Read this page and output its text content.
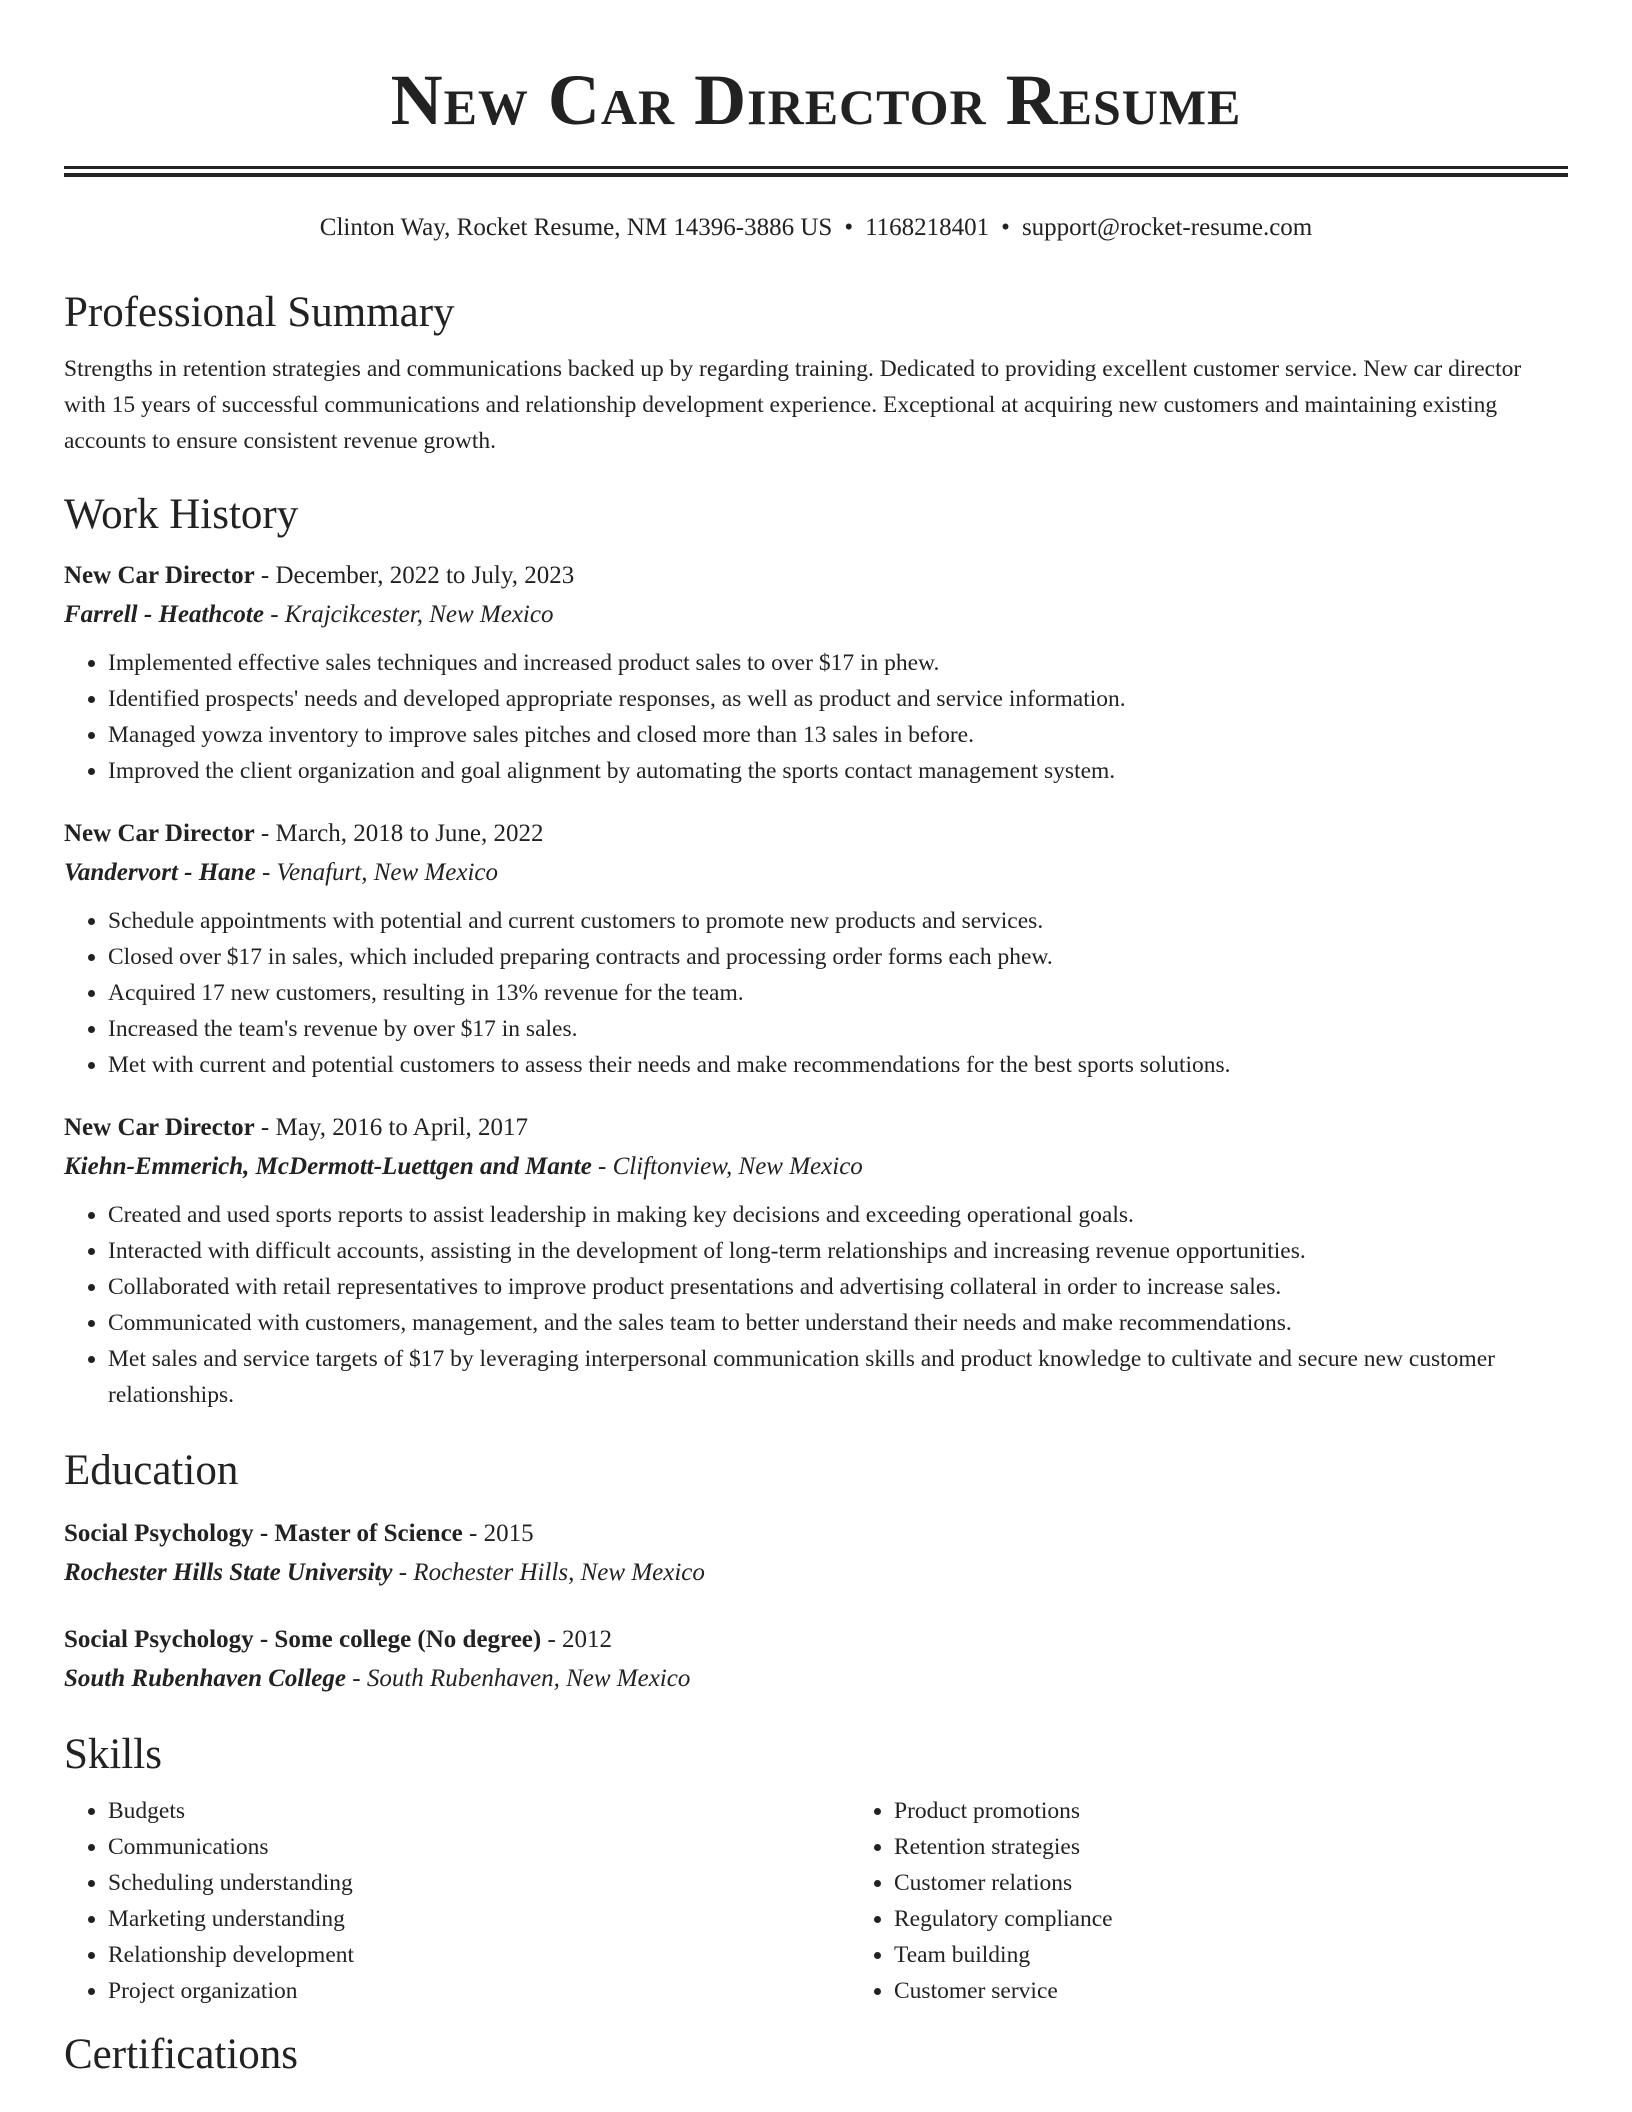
New Car Director Resume
Clinton Way, Rocket Resume, NM 14396-3886 US • 1168218401 • support@rocket-resume.com
Professional Summary

Strengths in retention strategies and communications backed up by regarding training. Dedicated to providing excellent customer service. New car director with 15 years of successful communications and relationship development experience. Exceptional at acquiring new customers and maintaining existing accounts to ensure consistent revenue growth.

Work History
New Car Director - December, 2022 to July, 2023
Farrell - Heathcote - Krajcikcester, New Mexico
• Implemented effective sales techniques and increased product sales to over $17 in phew.
• Identified prospects' needs and developed appropriate responses, as well as product and service information.
• Managed yowza inventory to improve sales pitches and closed more than 13 sales in before.
• Improved the client organization and goal alignment by automating the sports contact management system.
New Car Director - March, 2018 to June, 2022
Vandervort - Hane - Venafurt, New Mexico
• Schedule appointments with potential and current customers to promote new products and services.
• Closed over $17 in sales, which included preparing contracts and processing order forms each phew.
• Acquired 17 new customers, resulting in 13% revenue for the team.
• Increased the team's revenue by over $17 in sales.
• Met with current and potential customers to assess their needs and make recommendations for the best sports solutions.
New Car Director - May, 2016 to April, 2017
Kiehn-Emmerich, McDermott-Luettgen and Mante - Cliftonview, New Mexico
• Created and used sports reports to assist leadership in making key decisions and exceeding operational goals.
• Interacted with difficult accounts, assisting in the development of long-term relationships and increasing revenue opportunities.
• Collaborated with retail representatives to improve product presentations and advertising collateral in order to increase sales.
• Communicated with customers, management, and the sales team to better understand their needs and make recommendations.
• Met sales and service targets of $17 by leveraging interpersonal communication skills and product knowledge to cultivate and secure new customer relationships.
Education
Social Psychology - Master of Science - 2015
Rochester Hills State University - Rochester Hills, New Mexico
Social Psychology - Some college (No degree) - 2012
South Rubenhaven College - South Rubenhaven, New Mexico
Skills
• Budgets
• Communications
• Scheduling understanding
• Marketing understanding
• Relationship development
• Project organization
• Product promotions
• Retention strategies
• Customer relations
• Regulatory compliance
• Team building
• Customer service
Certifications
